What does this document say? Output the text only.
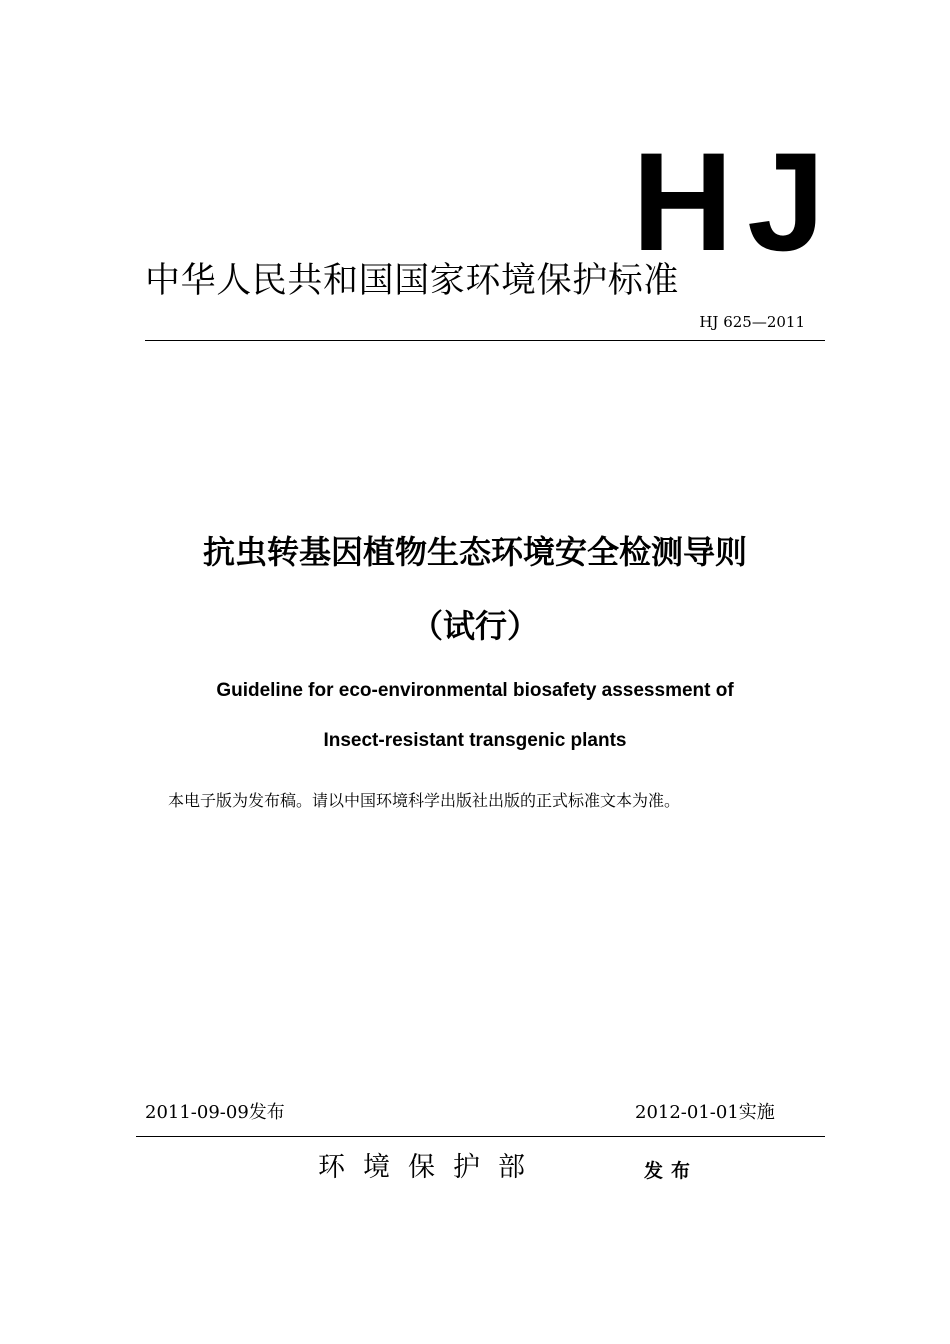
HJ
中华人民共和国国家环境保护标准
HJ 625—2011
抗虫转基因植物生态环境安全检测导则
（试行）
Guideline for eco-environmental biosafety assessment of
Insect-resistant transgenic plants
本电子版为发布稿。请以中国环境科学出版社出版的正式标准文本为准。
2011-09-09发布	2012-01-01实施
环境保护部	发布
